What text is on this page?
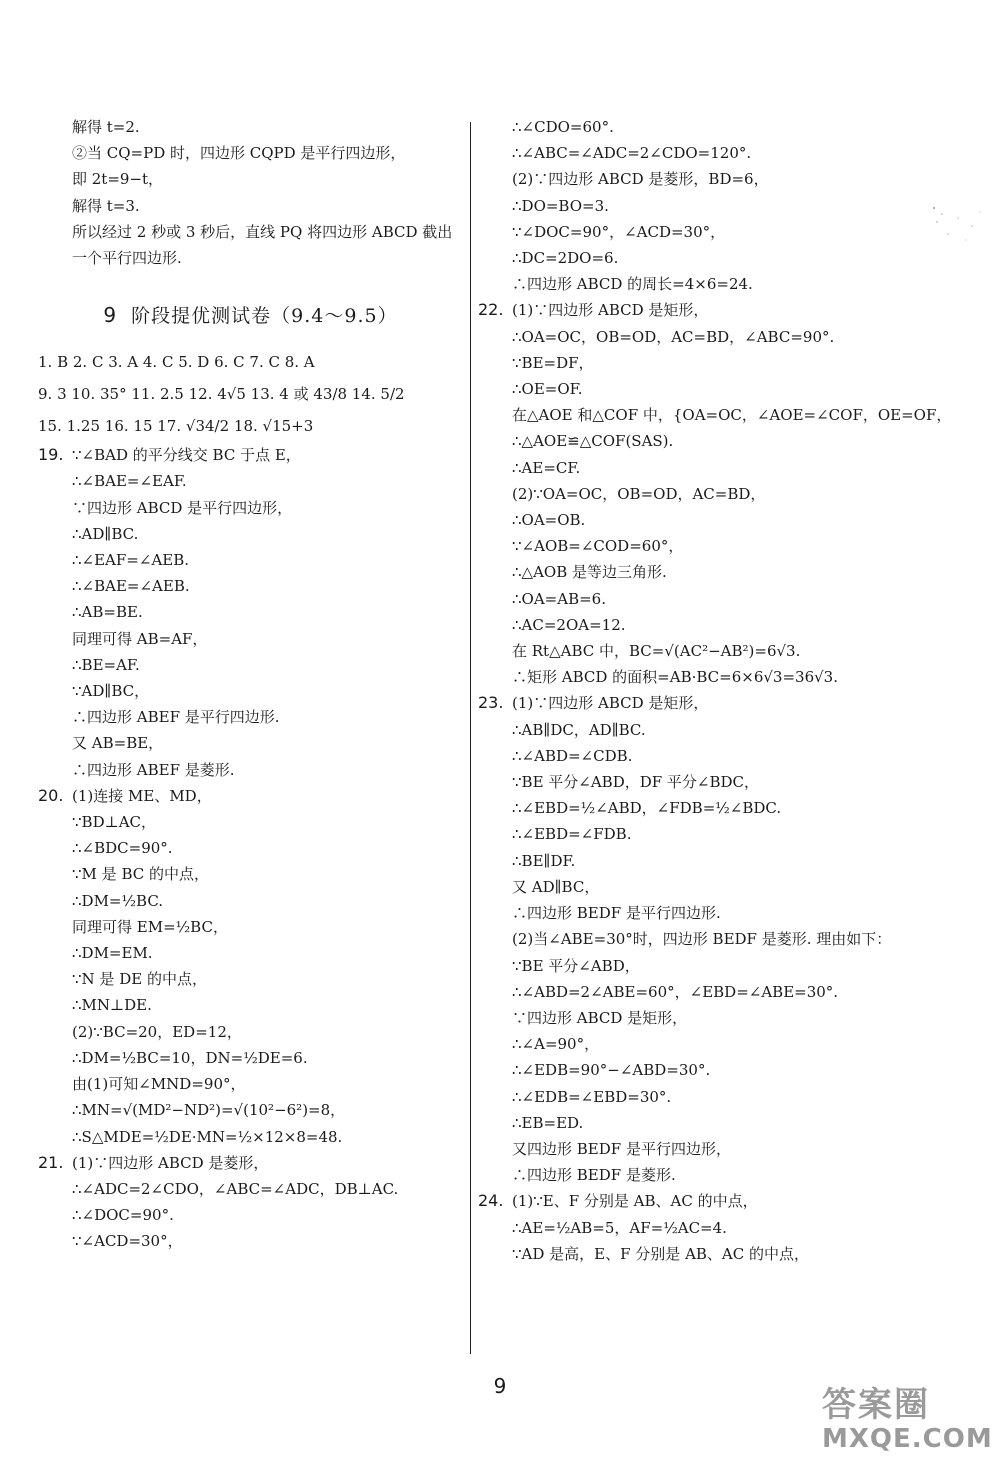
解得 t=2.
②当 CQ=PD 时，四边形 CQPD 是平行四边形，
即 2t=9−t，
解得 t=3.
所以经过 2 秒或 3 秒后，直线 PQ 将四边形 ABCD 截出
一个平行四边形.
9 阶段提优测试卷（9.4～9.5）
1. B 2. C 3. A 4. C 5. D 6. C 7. C 8. A
9. 3 10. 35° 11. 2.5 12. 4√5 13. 4 或 43/8 14. 5/2
15. 1.25 16. 15 17. √34/2 18. √15+3
19. ∵∠BAD 的平分线交 BC 于点 E，
∴∠BAE=∠EAF.
∵四边形 ABCD 是平行四边形，
∴AD∥BC.
∴∠EAF=∠AEB.
∴∠BAE=∠AEB.
∴AB=BE.
同理可得 AB=AF，
∴BE=AF.
∵AD∥BC，
∴四边形 ABEF 是平行四边形.
又 AB=BE，
∴四边形 ABEF 是菱形.
20. (1)连接 ME、MD，
∵BD⊥AC，
∴∠BDC=90°.
∵M 是 BC 的中点，
∴DM=½BC.
同理可得 EM=½BC，
∴DM=EM.
∵N 是 DE 的中点，
∴MN⊥DE.
(2)∵BC=20，ED=12，
∴DM=½BC=10，DN=½DE=6.
由(1)可知∠MND=90°，
∴MN=√(MD²−ND²)=√(10²−6²)=8，
∴S△MDE=½DE·MN=½×12×8=48.
21. (1)∵四边形 ABCD 是菱形，
∴∠ADC=2∠CDO，∠ABC=∠ADC，DB⊥AC.
∴∠DOC=90°.
∵∠ACD=30°，
∴∠CDO=60°.
∴∠ABC=∠ADC=2∠CDO=120°.
(2)∵四边形 ABCD 是菱形，BD=6，
∴DO=BO=3.
∵∠DOC=90°，∠ACD=30°，
∴DC=2DO=6.
∴四边形 ABCD 的周长=4×6=24.
22. (1)∵四边形 ABCD 是矩形，
∴OA=OC，OB=OD，AC=BD，∠ABC=90°.
∵BE=DF，
∴OE=OF.
在△AOE 和△COF 中，{OA=OC，∠AOE=∠COF，OE=OF，
∴△AOE≌△COF(SAS).
∴AE=CF.
(2)∵OA=OC，OB=OD，AC=BD，
∴OA=OB.
∵∠AOB=∠COD=60°，
∴△AOB 是等边三角形.
∴OA=AB=6.
∴AC=2OA=12.
在 Rt△ABC 中，BC=√(AC²−AB²)=6√3.
∴矩形 ABCD 的面积=AB·BC=6×6√3=36√3.
23. (1)∵四边形 ABCD 是矩形，
∴AB∥DC，AD∥BC.
∴∠ABD=∠CDB.
∵BE 平分∠ABD，DF 平分∠BDC，
∴∠EBD=½∠ABD，∠FDB=½∠BDC.
∴∠EBD=∠FDB.
∴BE∥DF.
又 AD∥BC，
∴四边形 BEDF 是平行四边形.
(2)当∠ABE=30°时，四边形 BEDF 是菱形. 理由如下：
∵BE 平分∠ABD，
∴∠ABD=2∠ABE=60°，∠EBD=∠ABE=30°.
∵四边形 ABCD 是矩形，
∴∠A=90°，
∴∠EDB=90°−∠ABD=30°.
∴∠EDB=∠EBD=30°.
∴EB=ED.
又四边形 BEDF 是平行四边形，
∴四边形 BEDF 是菱形.
24. (1)∵E、F 分别是 AB、AC 的中点，
∴AE=½AB=5，AF=½AC=4.
∵AD 是高，E、F 分别是 AB、AC 的中点，
9	答案圈
MXQE.COM
